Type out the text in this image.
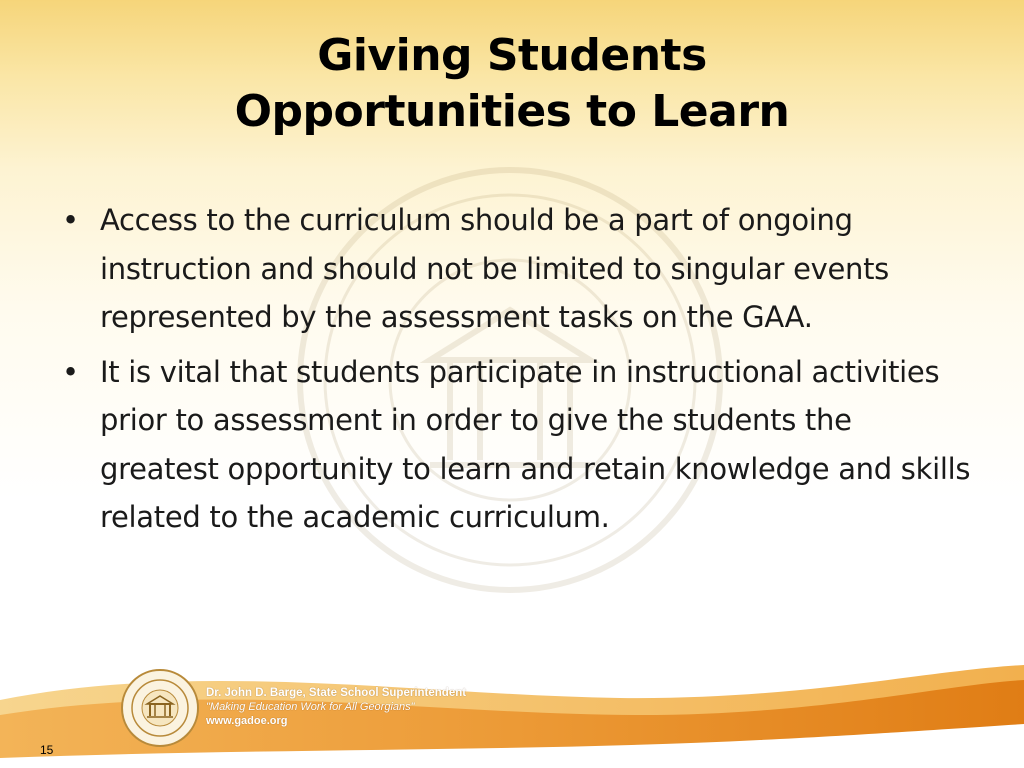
Giving Students
Opportunities to Learn
• Access to the curriculum should be a part of ongoing instruction and should not be limited to singular events represented by the assessment tasks on the GAA.
• It is vital that students participate in instructional activities prior to assessment in order to give the students the greatest opportunity to learn and retain knowledge and skills related to the academic curriculum.
Dr. John D. Barge, State School Superintendent
"Making Education Work for All Georgians"
www.gadoe.org
15
